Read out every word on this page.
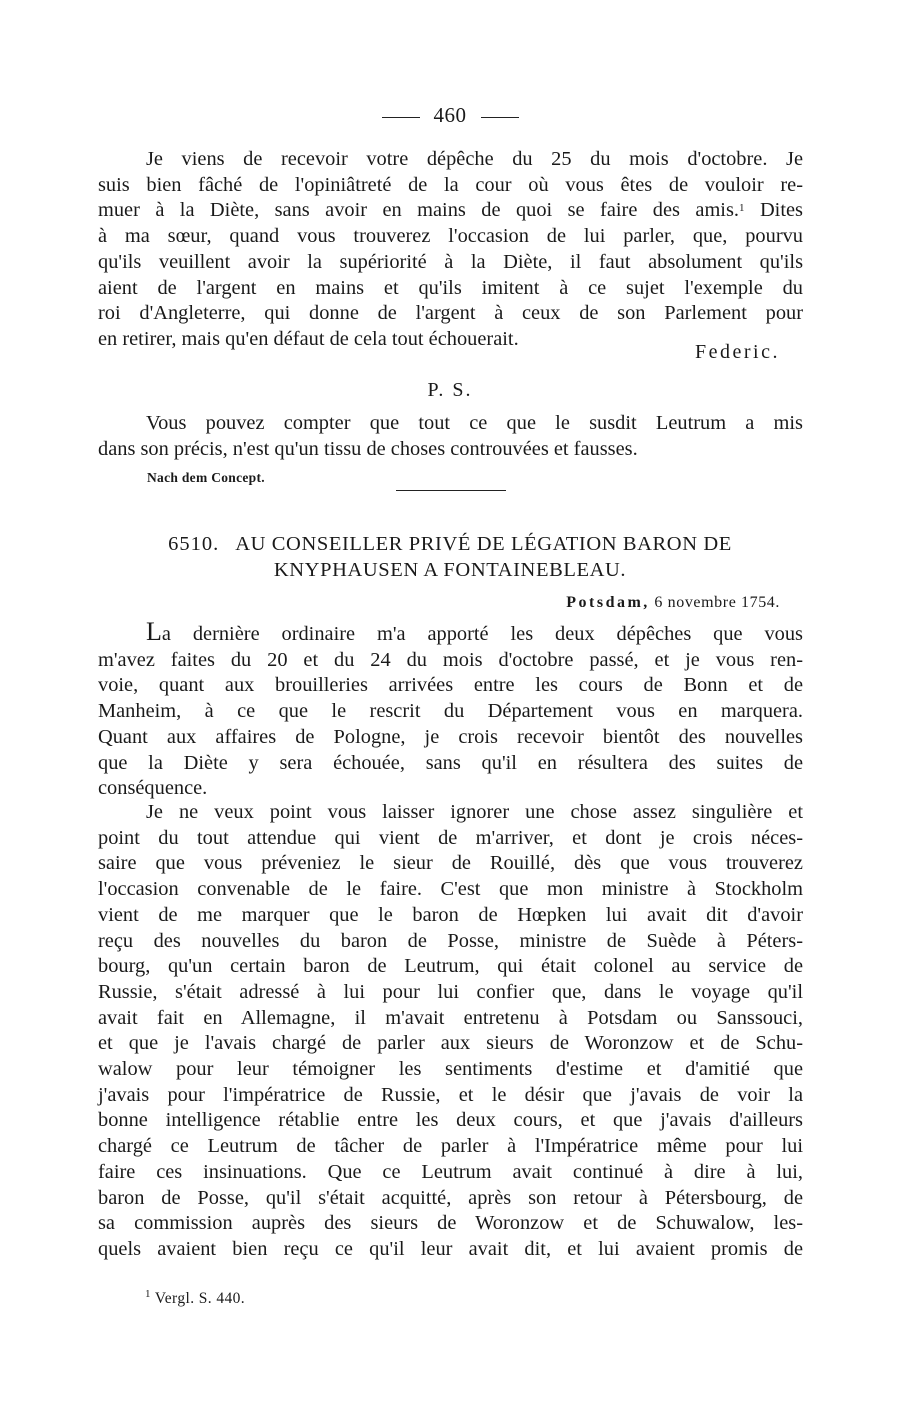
460
Je viens de recevoir votre dépêche du 25 du mois d'octobre. Je
suis bien fâché de l'opiniâtreté de la cour où vous êtes de vouloir re-
muer à la Diète, sans avoir en mains de quoi se faire des amis.$^1$ Dites
à ma sœur, quand vous trouverez l'occasion de lui parler, que, pourvu
qu'ils veuillent avoir la supériorité à la Diète, il faut absolument qu'ils
aient de l'argent en mains et qu'ils imitent à ce sujet l'exemple du
roi d'Angleterre, qui donne de l'argent à ceux de son Parlement pour
en retirer, mais qu'en défaut de cela tout échouerait.
Federic.
P. S.
Vous pouvez compter que tout ce que le susdit Leutrum a mis
dans son précis, n'est qu'un tissu de choses controuvées et fausses.
Nach dem Concept.
6510. AU CONSEILLER PRIVÉ DE LÉGATION BARON DE
KNYPHAUSEN A FONTAINEBLEAU.
Potsdam, 6 novembre 1754.
La dernière ordinaire m'a apporté les deux dépêches que vous
m'avez faites du 20 et du 24 du mois d'octobre passé, et je vous ren-
voie, quant aux brouilleries arrivées entre les cours de Bonn et de
Manheim, à ce que le rescrit du Département vous en marquera.
Quant aux affaires de Pologne, je crois recevoir bientôt des nouvelles
que la Diète y sera échouée, sans qu'il en résultera des suites de
conséquence.
Je ne veux point vous laisser ignorer une chose assez singulière et
point du tout attendue qui vient de m'arriver, et dont je crois néces-
saire que vous préveniez le sieur de Rouillé, dès que vous trouverez
l'occasion convenable de le faire. C'est que mon ministre à Stockholm
vient de me marquer que le baron de Hœpken lui avait dit d'avoir
reçu des nouvelles du baron de Posse, ministre de Suède à Péters-
bourg, qu'un certain baron de Leutrum, qui était colonel au service de
Russie, s'était adressé à lui pour lui confier que, dans le voyage qu'il
avait fait en Allemagne, il m'avait entretenu à Potsdam ou Sanssouci,
et que je l'avais chargé de parler aux sieurs de Woronzow et de Schu-
walow pour leur témoigner les sentiments d'estime et d'amitié que
j'avais pour l'impératrice de Russie, et le désir que j'avais de voir la
bonne intelligence rétablie entre les deux cours, et que j'avais d'ailleurs
chargé ce Leutrum de tâcher de parler à l'Impératrice même pour lui
faire ces insinuations. Que ce Leutrum avait continué à dire à lui,
baron de Posse, qu'il s'était acquitté, après son retour à Pétersbourg, de
sa commission auprès des sieurs de Woronzow et de Schuwalow, les-
quels avaient bien reçu ce qu'il leur avait dit, et lui avaient promis de
$^1$ Vergl. S. 440.
